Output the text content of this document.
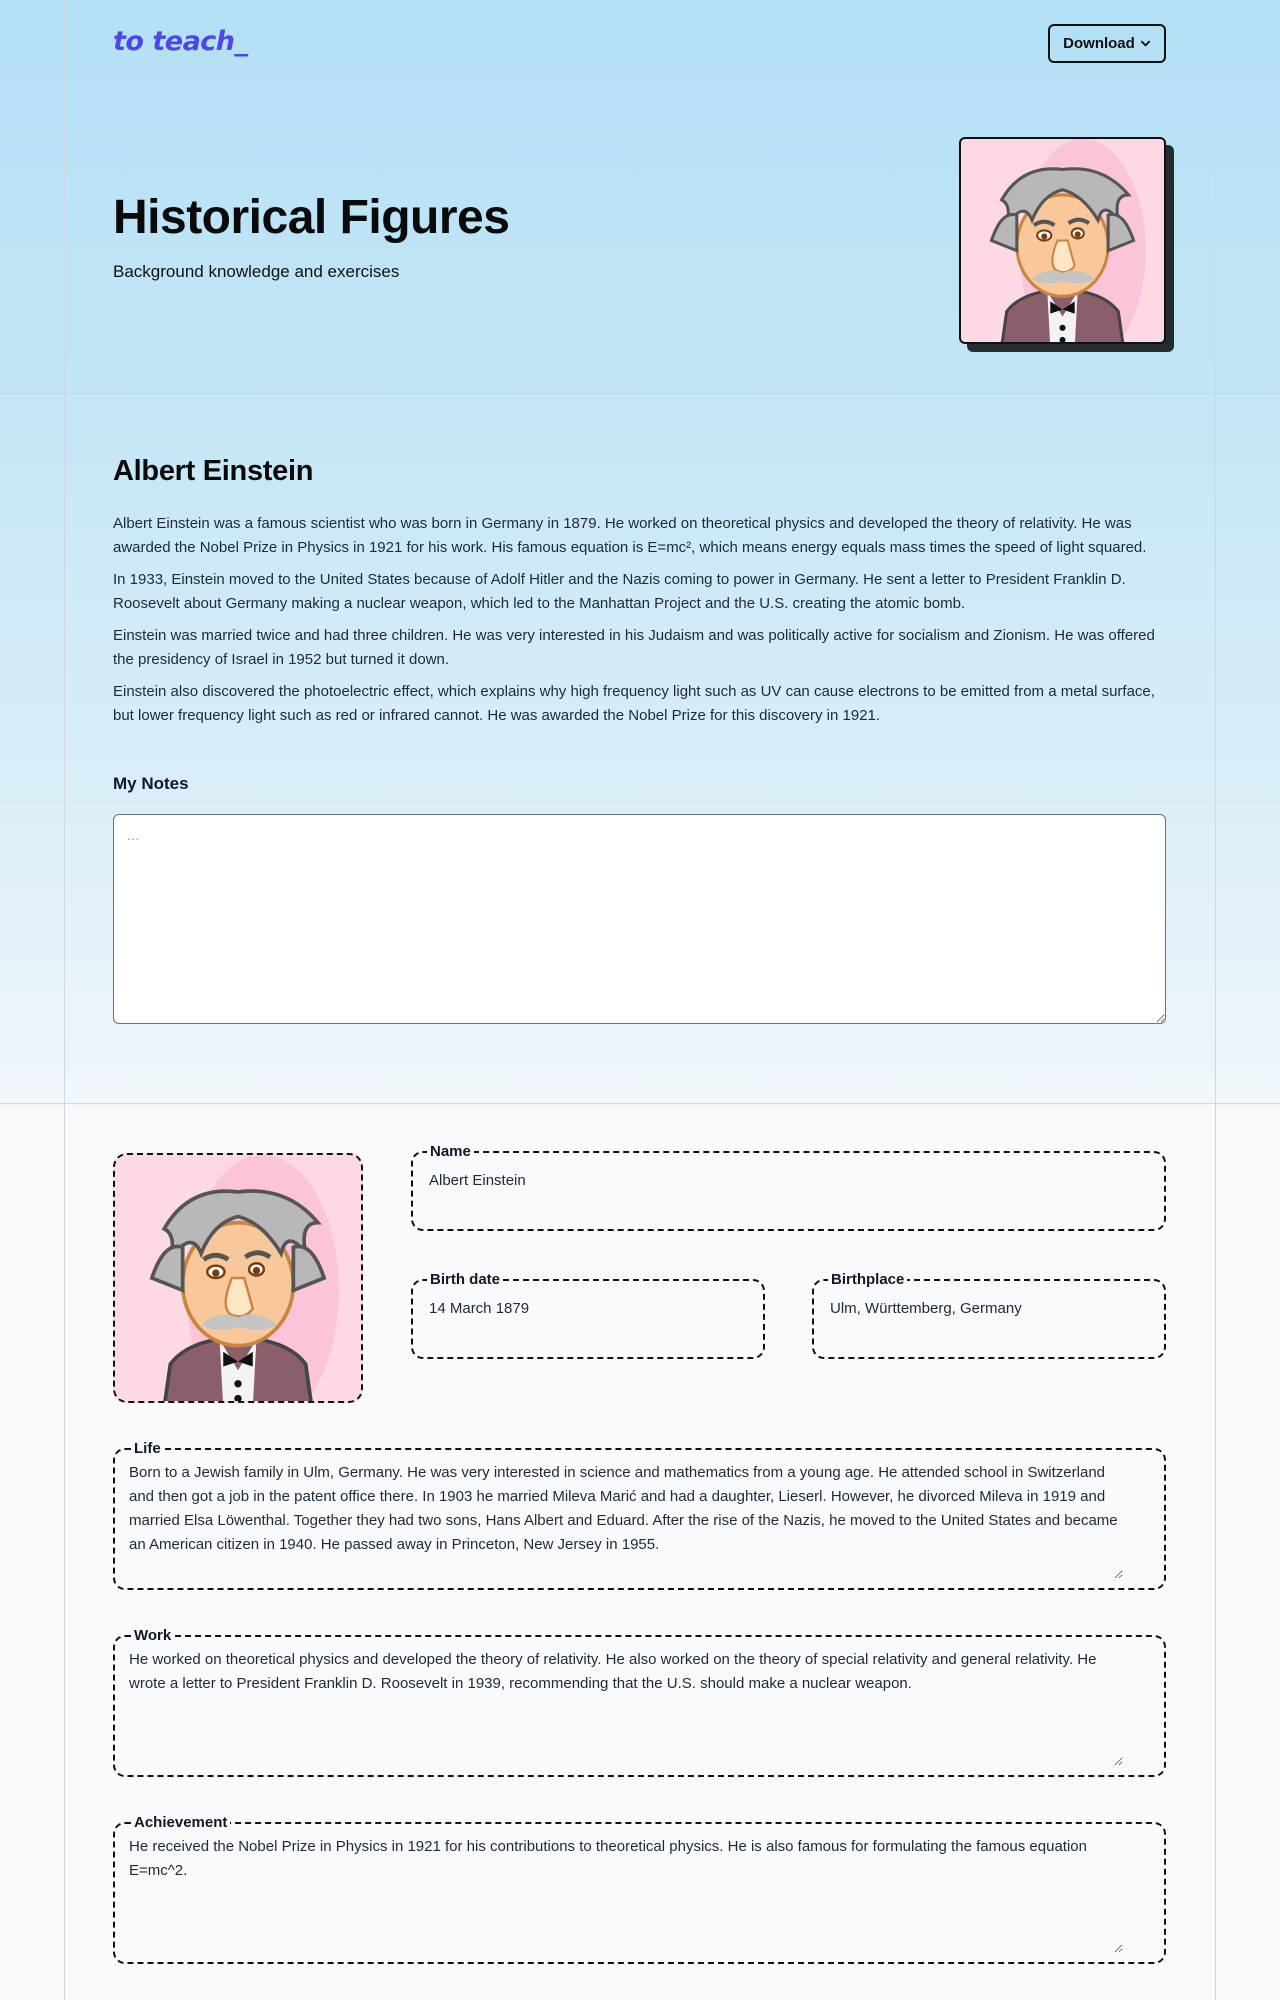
to teach_	Download
Historical Figures
Background knowledge and exercises
Albert Einstein

Albert Einstein was a famous scientist who was born in Germany in 1879. He worked on theoretical physics and developed the theory of relativity. He was awarded the Nobel Prize in Physics in 1921 for his work. His famous equation is E=mc², which means energy equals mass times the speed of light squared.

In 1933, Einstein moved to the United States because of Adolf Hitler and the Nazis coming to power in Germany. He sent a letter to President Franklin D. Roosevelt about Germany making a nuclear weapon, which led to the Manhattan Project and the U.S. creating the atomic bomb.

Einstein was married twice and had three children. He was very interested in his Judaism and was politically active for socialism and Zionism. He was offered the presidency of Israel in 1952 but turned it down.

Einstein also discovered the photoelectric effect, which explains why high frequency light such as UV can cause electrons to be emitted from a metal surface, but lower frequency light such as red or infrared cannot. He was awarded the Nobel Prize for this discovery in 1921.

My Notes
...
Name
Albert Einstein
Birth date
14 March 1879	Birthplace
Ulm, Württemberg, Germany
Life
Born to a Jewish family in Ulm, Germany. He was very interested in science and mathematics from a young age. He attended school in Switzerland and then got a job in the patent office there. In 1903 he married Mileva Marić and had a daughter, Lieserl. However, he divorced Mileva in 1919 and married Elsa Löwenthal. Together they had two sons, Hans Albert and Eduard. After the rise of the Nazis, he moved to the United States and became an American citizen in 1940. He passed away in Princeton, New Jersey in 1955.
Work
He worked on theoretical physics and developed the theory of relativity. He also worked on the theory of special relativity and general relativity. He wrote a letter to President Franklin D. Roosevelt in 1939, recommending that the U.S. should make a nuclear weapon.
Achievement
He received the Nobel Prize in Physics in 1921 for his contributions to theoretical physics. He is also famous for formulating the famous equation E=mc^2.
